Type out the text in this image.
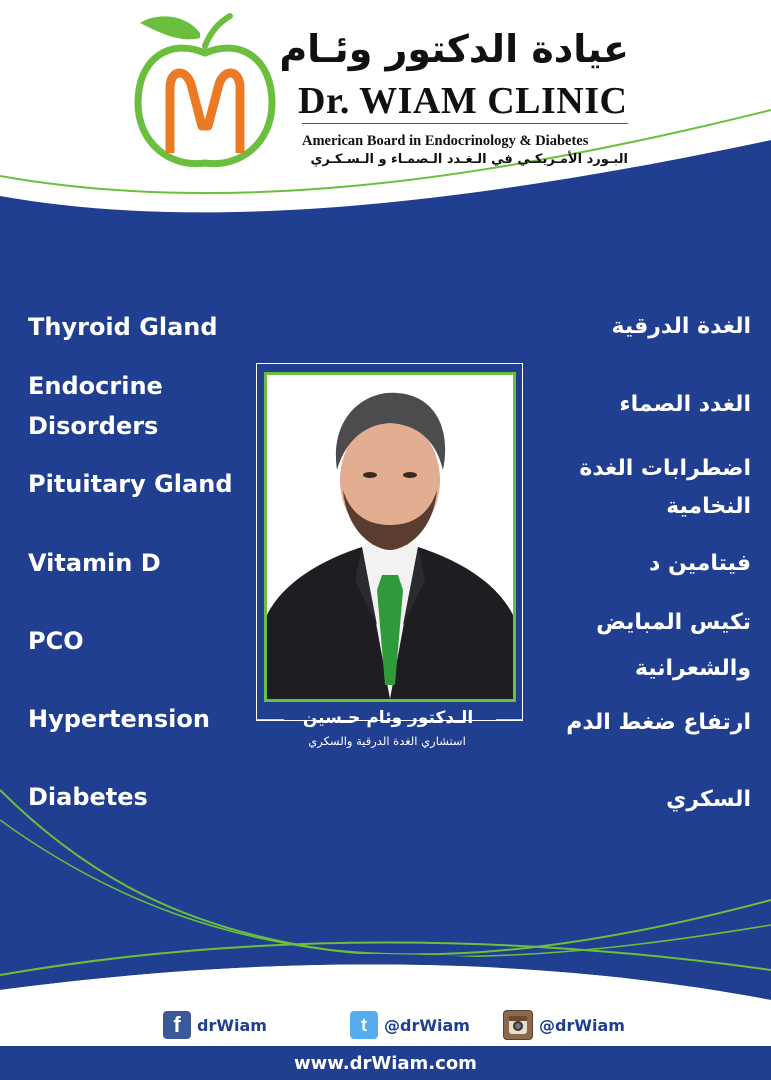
عيادة الدكتور وئـام
Dr. WIAM CLINIC
American Board in Endocrinology & Diabetes
البـورد الأمـريكـي في الـغـدد الـصمـاء و الـسـكـري
Thyroid Gland
Endocrine Disorders
Pituitary Gland
Vitamin D
PCO
Hypertension
Diabetes
الغدة الدرقية
الغدد الصماء
اضطرابات الغدة النخامية
فيتامين د
تكيس المبايض والشعرانية
ارتفاع ضغط الدم
السكري
الـدكتور وئام حـسين
استشاري الغدة الدرقية والسكري
f drWiam	t @drWiam	@drWiam
www.drWiam.com
